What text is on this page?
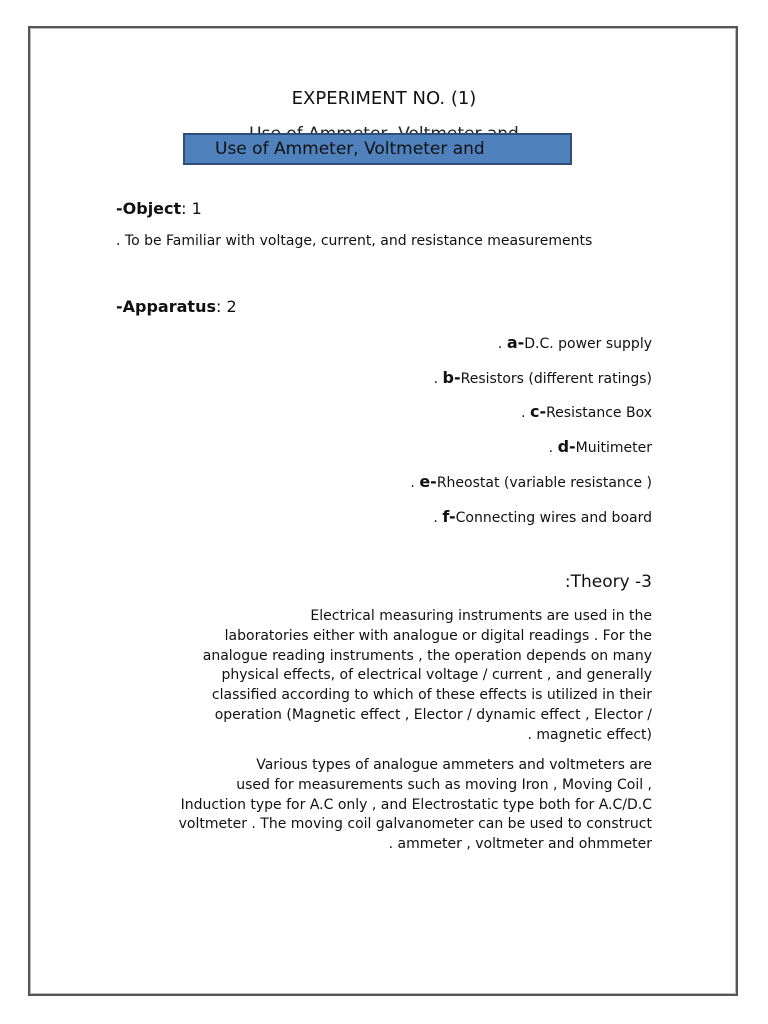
EXPERIMENT NO. (1)
Use of Ammeter, Voltmeter and
-Object: 1
. To be Familiar with voltage, current, and resistance measurements
-Apparatus: 2
. a-D.C. power supply
. b-Resistors (different ratings)
. c-Resistance Box
. d-Muitimeter
. e-Rheostat (variable resistance )
. f-Connecting wires and board
:Theory -3
Electrical measuring instruments are used in the
laboratories either with analogue or digital readings . For the
analogue reading instruments , the operation depends on many
physical effects, of electrical voltage / current , and generally
classified according to which of these effects is utilized in their
operation (Magnetic effect , Elector / dynamic effect , Elector /
. magnetic effect)
Various types of analogue ammeters and voltmeters are
used for measurements such as moving Iron , Moving Coil ,
Induction type for A.C only , and Electrostatic type both for A.C/D.C
voltmeter . The moving coil galvanometer can be used to construct
. ammeter , voltmeter and ohmmeter
